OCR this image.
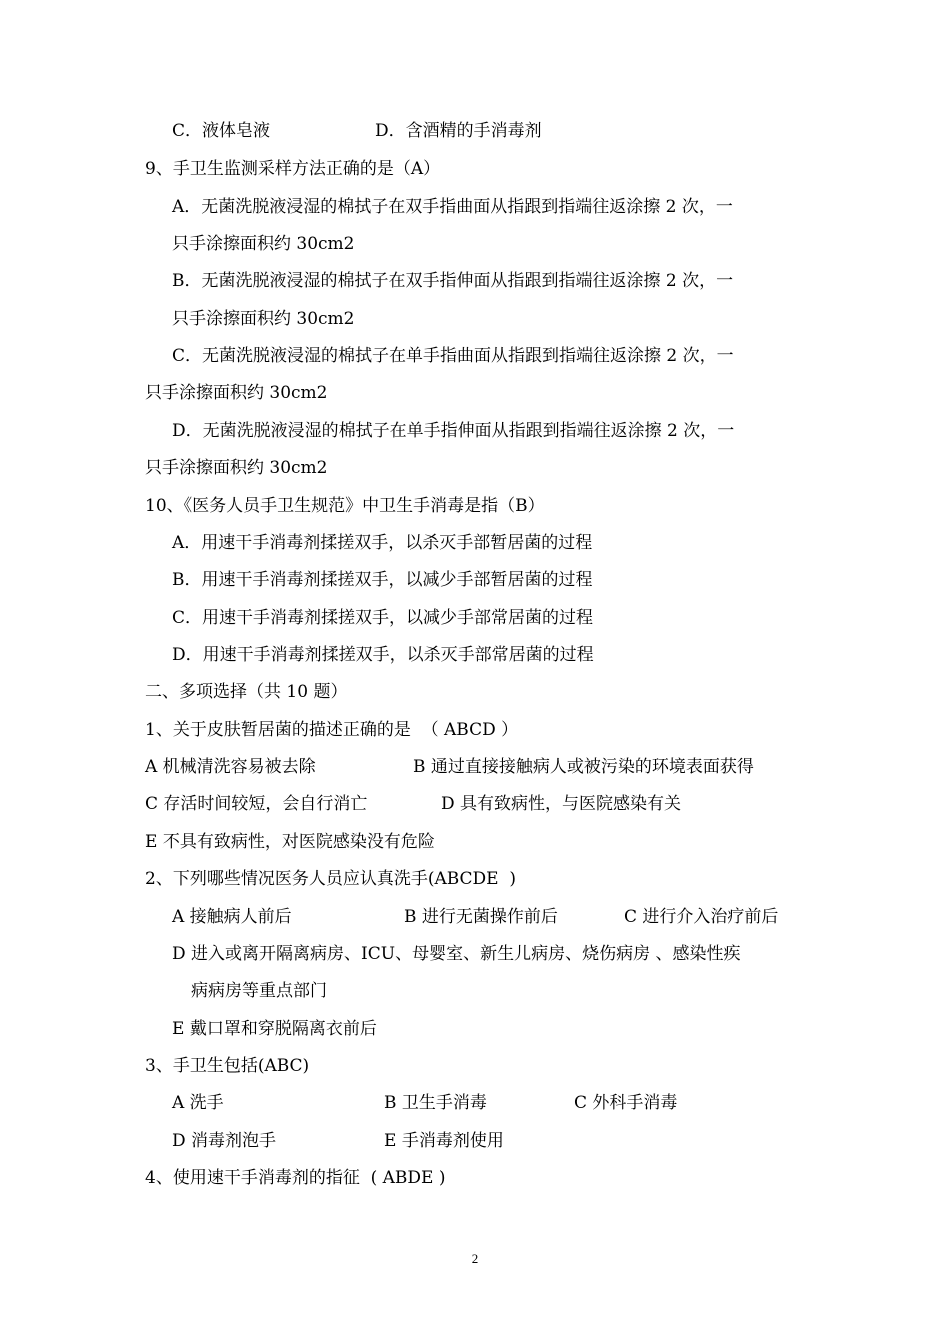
C．液体皂液	D．含酒精的手消毒剂
9、手卫生监测采样方法正确的是（A）
A．无菌洗脱液浸湿的棉拭子在双手指曲面从指跟到指端往返涂擦 2 次，一
只手涂擦面积约 30cm2
B．无菌洗脱液浸湿的棉拭子在双手指伸面从指跟到指端往返涂擦 2 次，一
只手涂擦面积约 30cm2
C．无菌洗脱液浸湿的棉拭子在单手指曲面从指跟到指端往返涂擦 2 次，一
只手涂擦面积约 30cm2
D．无菌洗脱液浸湿的棉拭子在单手指伸面从指跟到指端往返涂擦 2 次，一
只手涂擦面积约 30cm2
10、《医务人员手卫生规范》中卫生手消毒是指（B）
A．用速干手消毒剂揉搓双手，以杀灭手部暂居菌的过程
B．用速干手消毒剂揉搓双手，以减少手部暂居菌的过程
C．用速干手消毒剂揉搓双手，以减少手部常居菌的过程
D．用速干手消毒剂揉搓双手，以杀灭手部常居菌的过程
二、多项选择（共 10 题）
1、关于皮肤暂居菌的描述正确的是  （ ABCD ）
A 机械清洗容易被去除	B 通过直接接触病人或被污染的环境表面获得
C 存活时间较短，会自行消亡	D 具有致病性，与医院感染有关
E 不具有致病性，对医院感染没有危险
2、下列哪些情况医务人员应认真洗手(ABCDE  )
A 接触病人前后	B 进行无菌操作前后	C 进行介入治疗前后
D 进入或离开隔离病房、ICU、母婴室、新生儿病房、烧伤病房 、感染性疾
病病房等重点部门
E 戴口罩和穿脱隔离衣前后
3、手卫生包括(ABC)
A 洗手	B 卫生手消毒	C 外科手消毒
D 消毒剂泡手	E 手消毒剂使用
4、使用速干手消毒剂的指征  ( ABDE )
2
